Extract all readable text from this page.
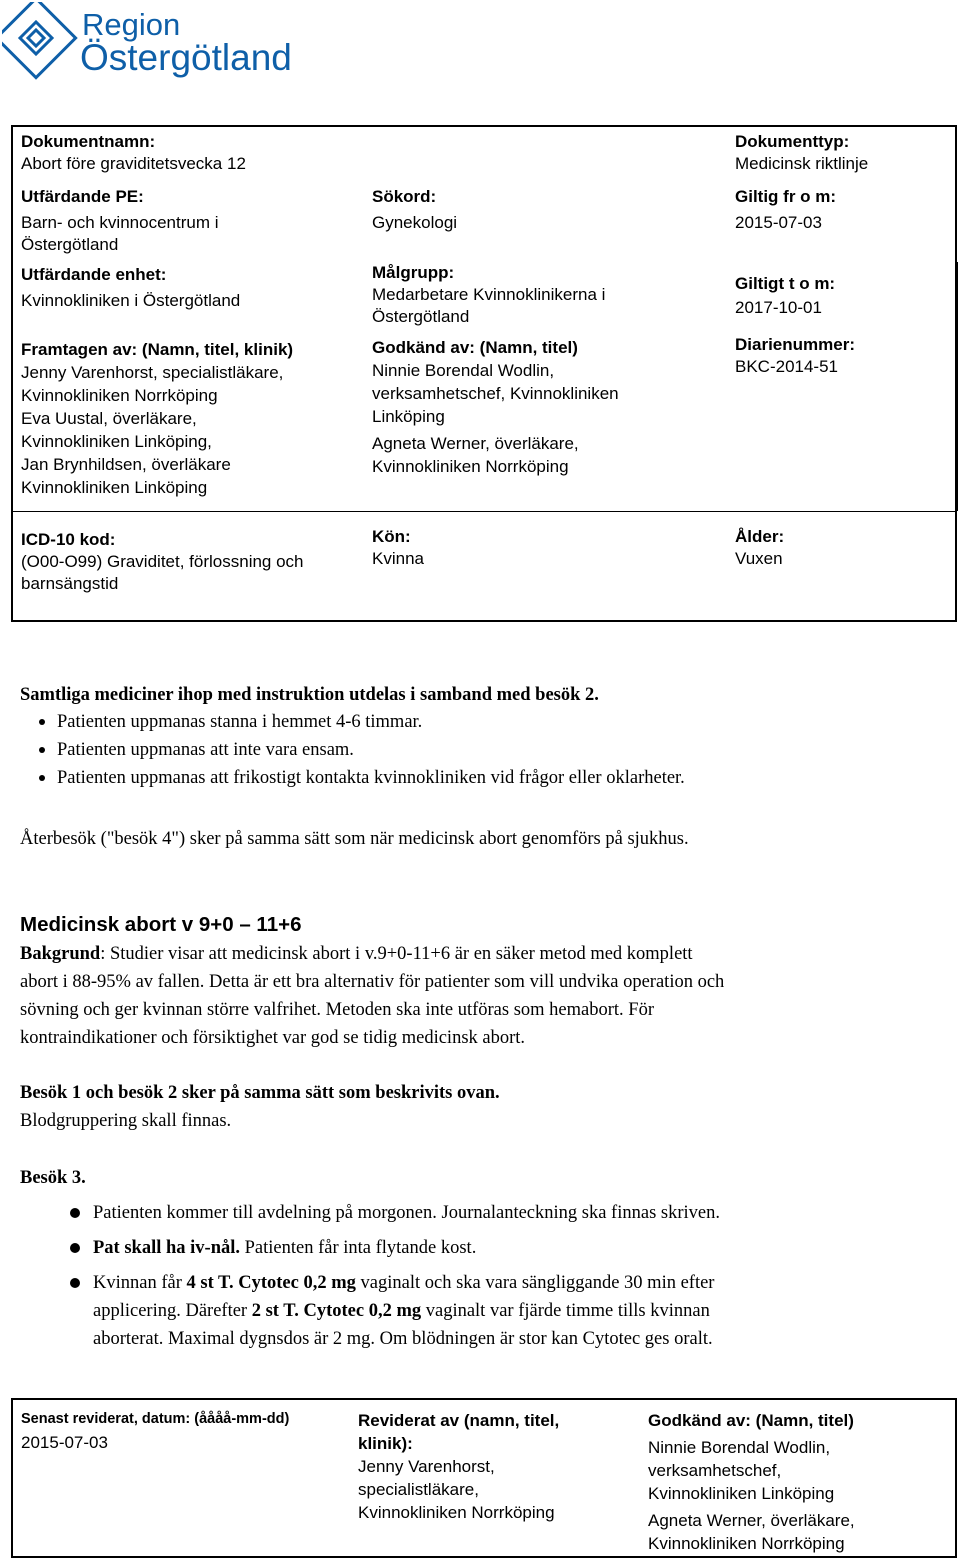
Region
Östergötland
Dokumentnamn:
Abort före graviditetsvecka 12
Dokumenttyp:
Medicinsk riktlinje
Utfärdande PE:
Barn- och kvinnocentrum i
Östergötland
Sökord:
Gynekologi
Giltig fr o m:
2015-07-03
Utfärdande enhet:
Kvinnokliniken i Östergötland
Målgrupp:
Medarbetare Kvinnoklinikerna i
Östergötland
Giltigt t o m:
2017-10-01
Framtagen av: (Namn, titel, klinik)
Jenny Varenhorst, specialistläkare,
Kvinnokliniken Norrköping
Eva Uustal, överläkare,
Kvinnokliniken Linköping,
Jan Brynhildsen, överläkare
Kvinnokliniken Linköping
Godkänd av: (Namn, titel)
Ninnie Borendal Wodlin,
verksamhetschef, Kvinnokliniken
Linköping
Agneta Werner, överläkare,
Kvinnokliniken Norrköping
Diarienummer:
BKC-2014-51
ICD-10 kod:
(O00-O99) Graviditet, förlossning och
barnsängstid
Kön:
Kvinna
Ålder:
Vuxen
Samtliga mediciner ihop med instruktion utdelas i samband med besök 2.
Patienten uppmanas stanna i hemmet 4-6 timmar.
Patienten uppmanas att inte vara ensam.
Patienten uppmanas att frikostigt kontakta kvinnokliniken vid frågor eller oklarheter.
Återbesök ("besök 4") sker på samma sätt som när medicinsk abort genomförs på sjukhus.
Medicinsk abort v 9+0 – 11+6
Bakgrund: Studier visar att medicinsk abort i v.9+0-11+6 är en säker metod med komplett
abort i 88-95% av fallen. Detta är ett bra alternativ för patienter som vill undvika operation och
sövning och ger kvinnan större valfrihet. Metoden ska inte utföras som hemabort. För
kontraindikationer och försiktighet var god se tidig medicinsk abort.
Besök 1 och besök 2 sker på samma sätt som beskrivits ovan.
Blodgruppering skall finnas.
Besök 3.
Patienten kommer till avdelning på morgonen. Journalanteckning ska finnas skriven.
Pat skall ha iv-nål. Patienten får inta flytande kost.
Kvinnan får 4 st T. Cytotec 0,2 mg vaginalt och ska vara sängliggande 30 min efter
applicering. Därefter 2 st T. Cytotec 0,2 mg vaginalt var fjärde timme tills kvinnan
aborterat. Maximal dygnsdos är 2 mg. Om blödningen är stor kan Cytotec ges oralt.
Senast reviderat, datum: (åååå-mm-dd)
2015-07-03
Reviderat av (namn, titel,
klinik):
Jenny Varenhorst,
specialistläkare,
Kvinnokliniken Norrköping
Godkänd av: (Namn, titel)
Ninnie Borendal Wodlin,
verksamhetschef,
Kvinnokliniken Linköping
Agneta Werner, överläkare,
Kvinnokliniken Norrköping
